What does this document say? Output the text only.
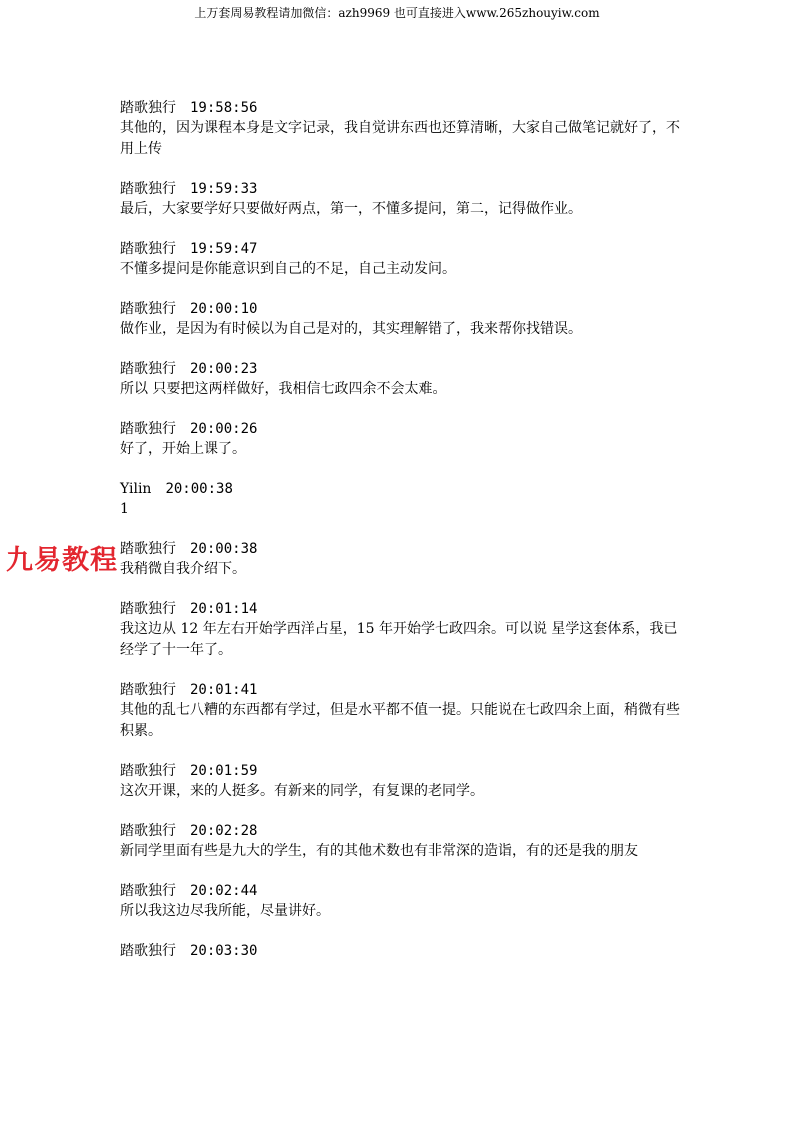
上万套周易教程请加微信：azh9969 也可直接进入www.265zhouyiw.com
踏歌独行 19:58:56
其他的，因为课程本身是文字记录，我自觉讲东西也还算清晰，大家自己做笔记就好了，不用上传
踏歌独行 19:59:33
最后，大家要学好只要做好两点，第一，不懂多提问，第二，记得做作业。
踏歌独行 19:59:47
不懂多提问是你能意识到自己的不足，自己主动发问。
踏歌独行 20:00:10
做作业，是因为有时候以为自己是对的，其实理解错了，我来帮你找错误。
踏歌独行 20:00:23
所以 只要把这两样做好，我相信七政四余不会太难。
踏歌独行 20:00:26
好了，开始上课了。
Yilin 20:00:38
1
踏歌独行 20:00:38
我稍微自我介绍下。
踏歌独行 20:01:14
我这边从 12 年左右开始学西洋占星，15 年开始学七政四余。可以说 星学这套体系，我已经学了十一年了。
踏歌独行 20:01:41
其他的乱七八糟的东西都有学过，但是水平都不值一提。只能说在七政四余上面，稍微有些积累。
踏歌独行 20:01:59
这次开课，来的人挺多。有新来的同学，有复课的老同学。
踏歌独行 20:02:28
新同学里面有些是九大的学生，有的其他术数也有非常深的造诣，有的还是我的朋友
踏歌独行 20:02:44
所以我这边尽我所能，尽量讲好。
踏歌独行 20:03:30
九易教程
